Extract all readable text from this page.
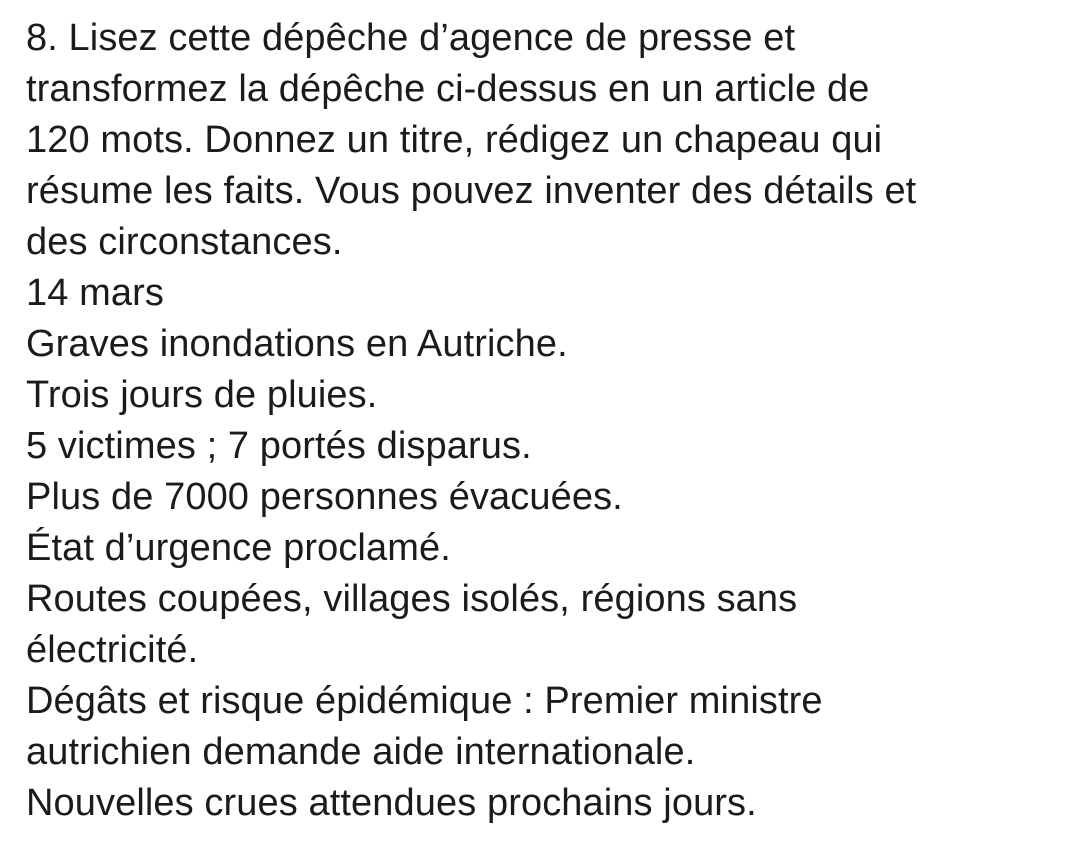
8. Lisez cette dépêche d’agence de presse et
transformez la dépêche ci-dessus en un article de
120 mots. Donnez un titre, rédigez un chapeau qui
résume les faits. Vous pouvez inventer des détails et
des circonstances.
14 mars
Graves inondations en Autriche.
Trois jours de pluies.
5 victimes ; 7 portés disparus.
Plus de 7000 personnes évacuées.
État d’urgence proclamé.
Routes coupées, villages isolés, régions sans
électricité.
Dégâts et risque épidémique : Premier ministre
autrichien demande aide internationale.
Nouvelles crues attendues prochains jours.
